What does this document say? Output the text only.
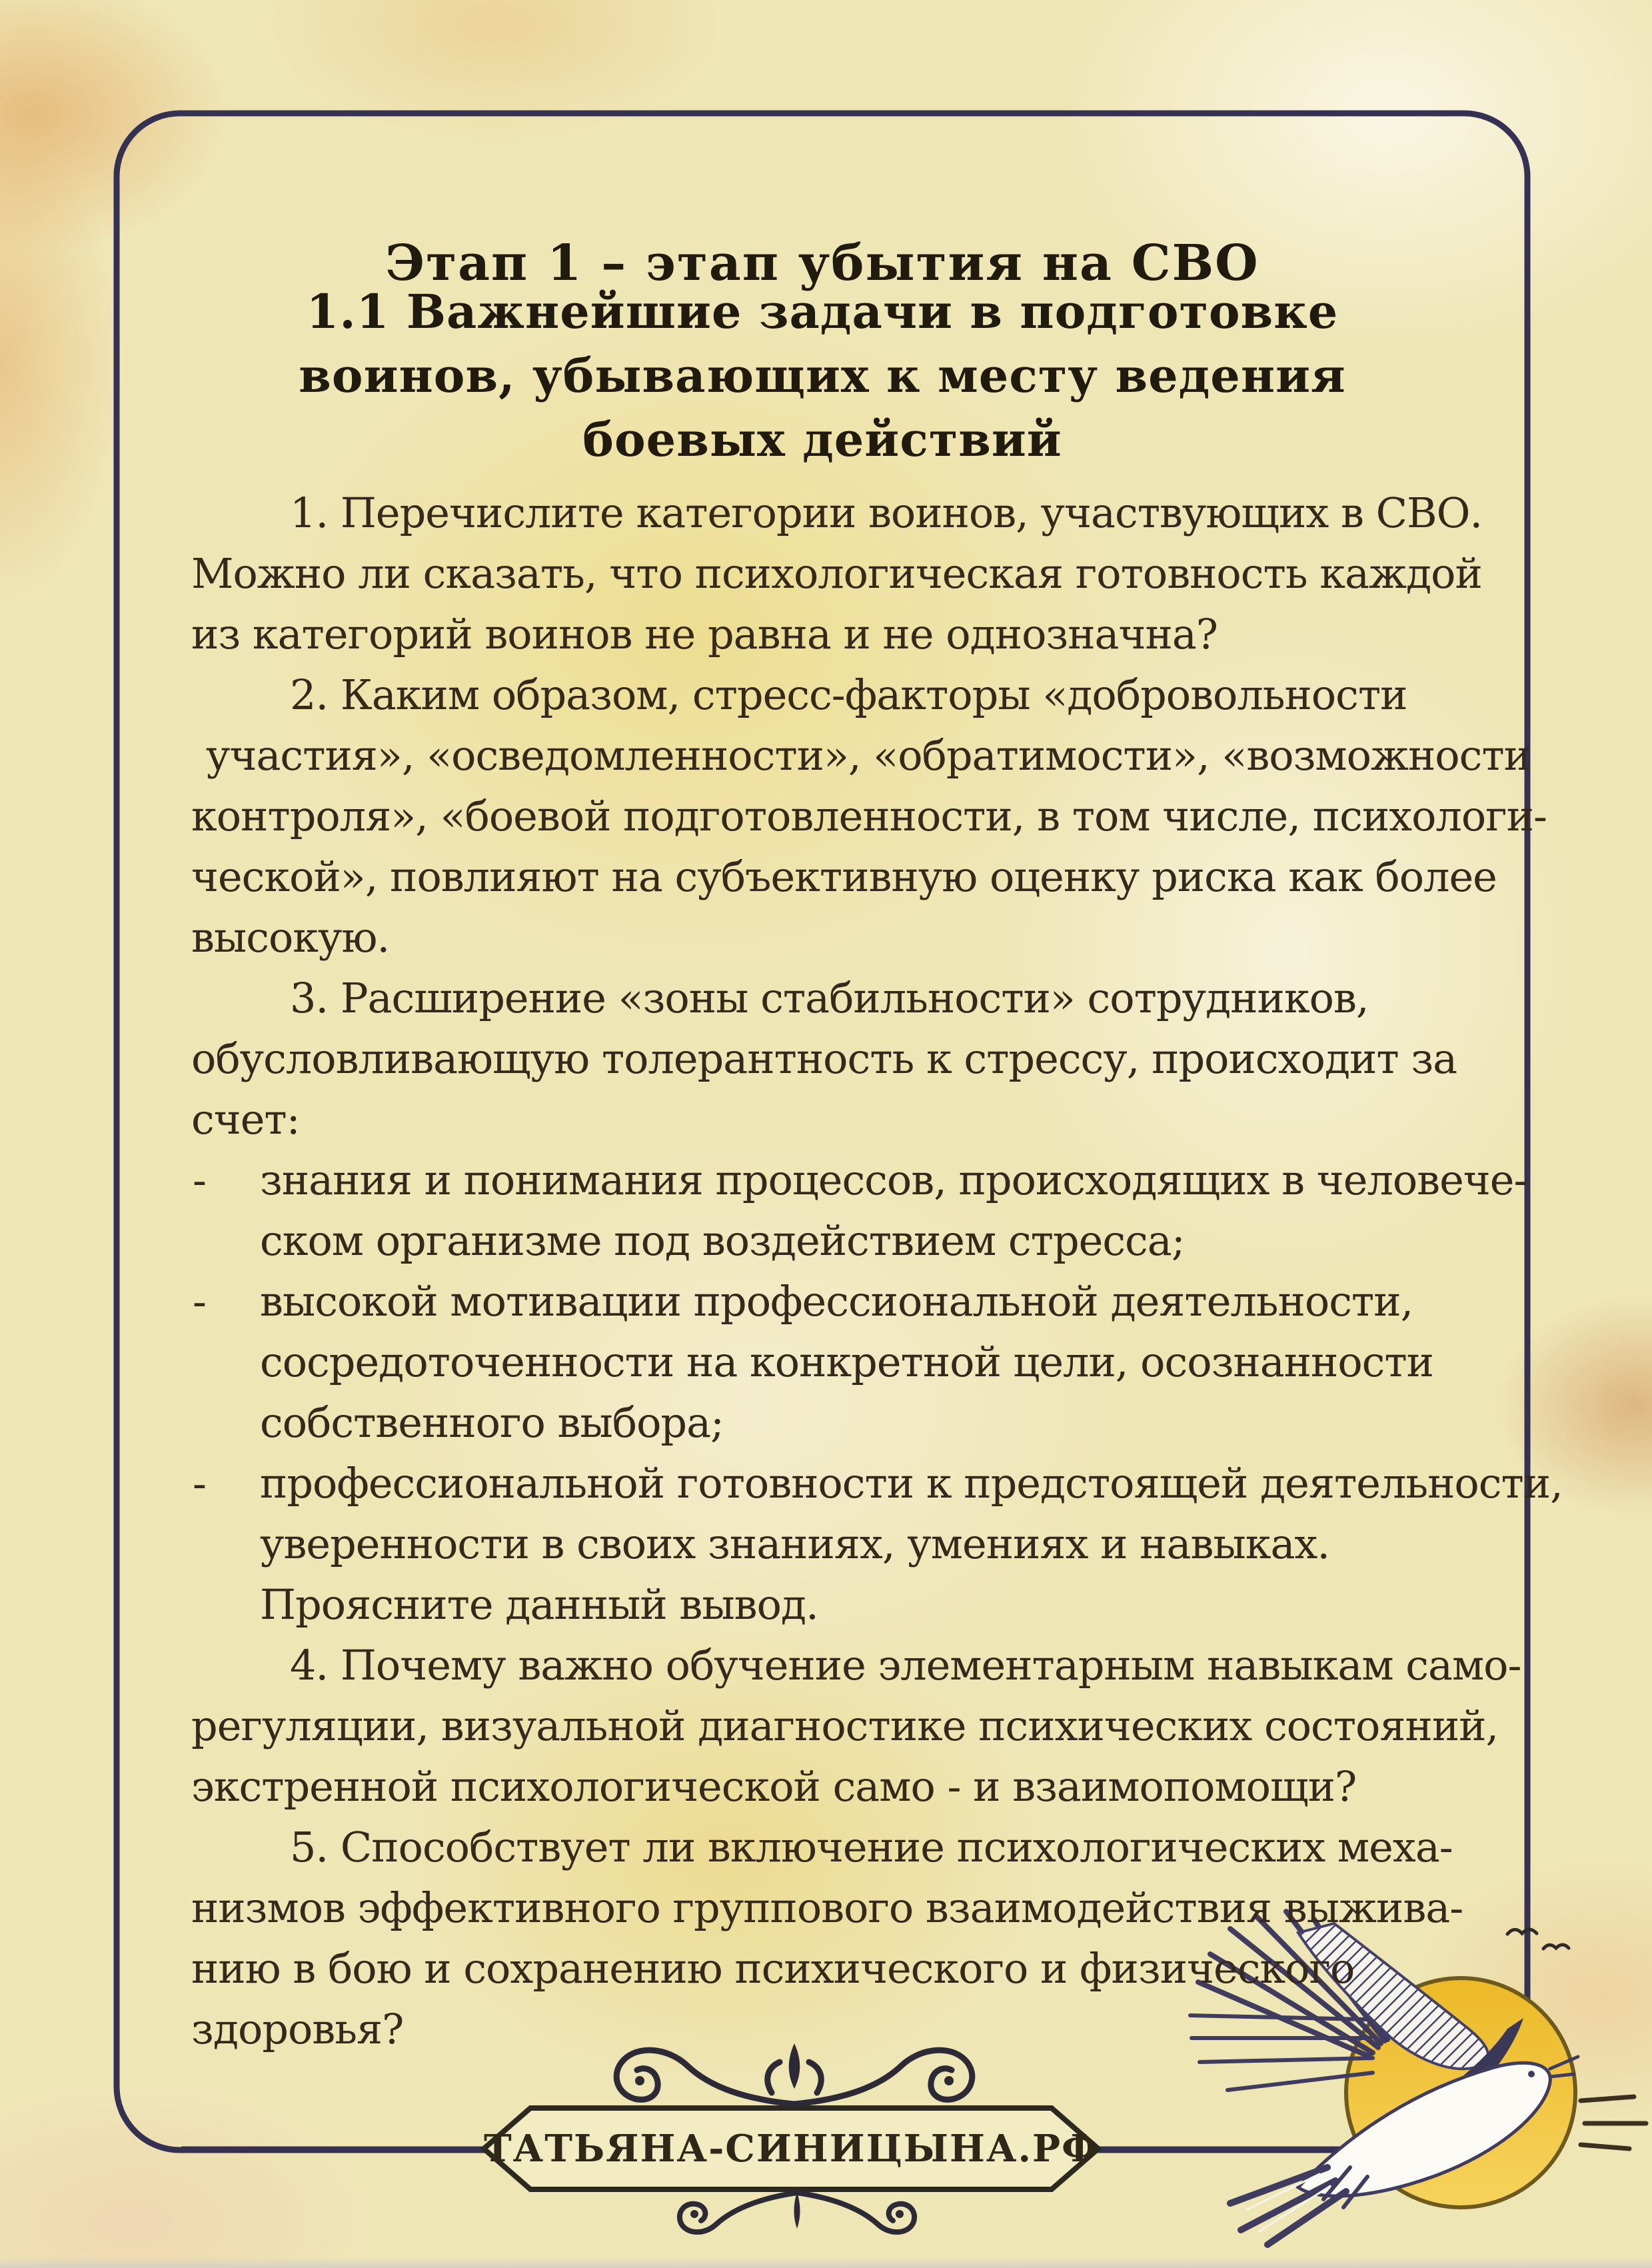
Этап 1 – этап убытия на СВО
1.1 Важнейшие задачи в подготовке
воинов, убывающих к месту ведения
боевых действий
1. Перечислите категории воинов, участвующих в СВО.
Можно ли сказать, что психологическая готовность каждой
из категорий воинов не равна и не однозначна?
2. Каким образом, стресс-факторы «добровольности
участия», «осведомленности», «обратимости», «возможности
контроля», «боевой подготовленности, в том числе, психологи-
ческой», повлияют на субъективную оценку риска как более
высокую.
3. Расширение «зоны стабильности» сотрудников,
обусловливающую толерантность к стрессу, происходит за
счет:
- знания и понимания процессов, происходящих в человече-
ском организме под воздействием стресса;
- высокой мотивации профессиональной деятельности,
сосредоточенности на конкретной цели, осознанности
собственного выбора;
- профессиональной готовности к предстоящей деятельности,
уверенности в своих знаниях, умениях и навыках.
Проясните данный вывод.
4. Почему важно обучение элементарным навыкам само-
регуляции, визуальной диагностике психических состояний,
экстренной психологической само - и взаимопомощи?
5. Способствует ли включение психологических меха-
низмов эффективного группового взаимодействия выжива-
нию в бою и сохранению психического и физического
здоровья?
ТАТЬЯНА-СИНИЦЫНА.РФ
